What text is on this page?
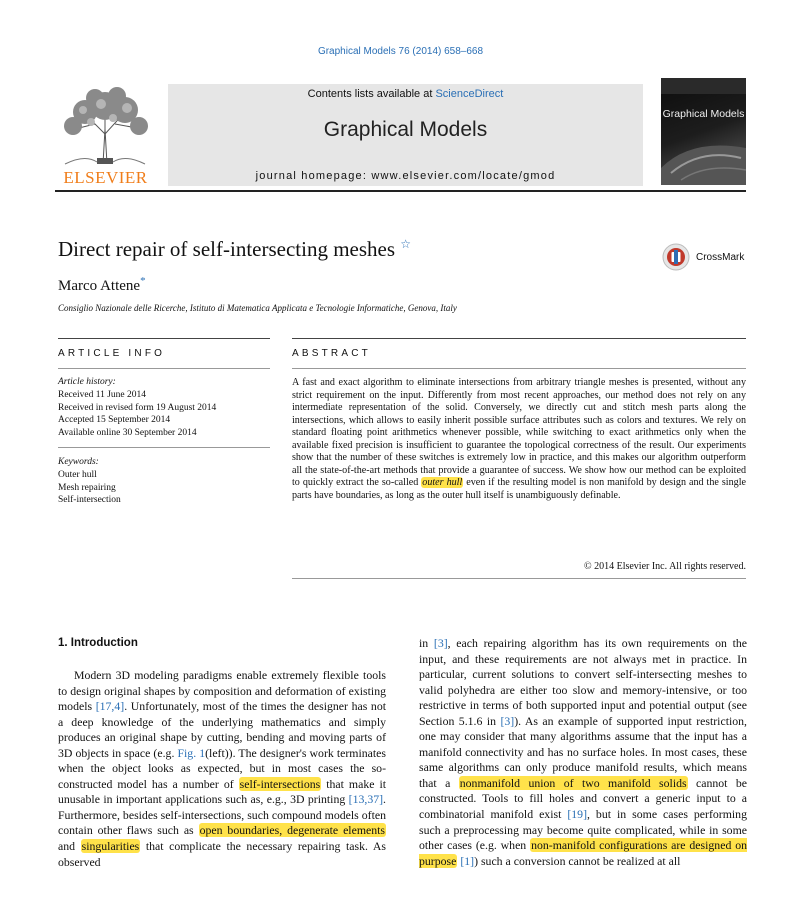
Graphical Models 76 (2014) 658–668
ELSEVIER
Contents lists available at ScienceDirect
Graphical Models
journal homepage: www.elsevier.com/locate/gmod
Graphical Models
Direct repair of self-intersecting meshes ☆
CrossMark
Marco Attene*
Consiglio Nazionale delle Ricerche, Istituto di Matematica Applicata e Tecnologie Informatiche, Genova, Italy
ARTICLE INFO	ABSTRACT
Article history:
Received 11 June 2014
Received in revised form 19 August 2014
Accepted 15 September 2014
Available online 30 September 2014
Keywords:
Outer hull
Mesh repairing
Self-intersection
A fast and exact algorithm to eliminate intersections from arbitrary triangle meshes is presented, without any strict requirement on the input. Differently from most recent approaches, our method does not rely on any intermediate representation of the solid. Conversely, we directly cut and stitch mesh parts along the intersections, which allows to easily inherit possible surface attributes such as colors and textures. We rely on standard floating point arithmetics whenever possible, while switching to exact arithmetics only when the available fixed precision is insufficient to guarantee the topological correctness of the result. Our experiments show that the number of these switches is extremely low in practice, and this makes our algorithm outperform all the state-of-the-art methods that provide a guarantee of success. We show how our method can be exploited to quickly extract the so-called outer hull even if the resulting model is non manifold by design and the single parts have boundaries, as long as the outer hull itself is unambiguously definable.
© 2014 Elsevier Inc. All rights reserved.
1. Introduction
Modern 3D modeling paradigms enable extremely flexible tools to design original shapes by composition and deformation of existing models [17,4]. Unfortunately, most of the times the designer has not a deep knowledge of the underlying mathematics and simply produces an original shape by cutting, bending and moving parts of 3D objects in space (e.g. Fig. 1(left)). The designer's work terminates when the object looks as expected, but in most cases the so-constructed model has a number of self-intersections that make it unusable in important applications such as, e.g., 3D printing [13,37]. Furthermore, besides self-intersections, such compound models often contain other flaws such as open boundaries, degenerate elements and singularities that complicate the necessary repairing task. As observed
in [3], each repairing algorithm has its own requirements on the input, and these requirements are not always met in practice. In particular, current solutions to convert self-intersecting meshes to valid polyhedra are either too slow and memory-intensive, or too restrictive in terms of both supported input and potential output (see Section 5.1.6 in [3]). As an example of supported input restriction, one may consider that many algorithms assume that the input has a manifold connectivity and has no surface holes. In most cases, these same algorithms can only produce manifold results, which means that a nonmanifold union of two manifold solids cannot be constructed. Tools to fill holes and convert a generic input to a combinatorial manifold exist [19], but in some cases performing such a preprocessing may become quite complicated, while in some other cases (e.g. when non-manifold configurations are designed on purpose [1]) such a conversion cannot be realized at all
